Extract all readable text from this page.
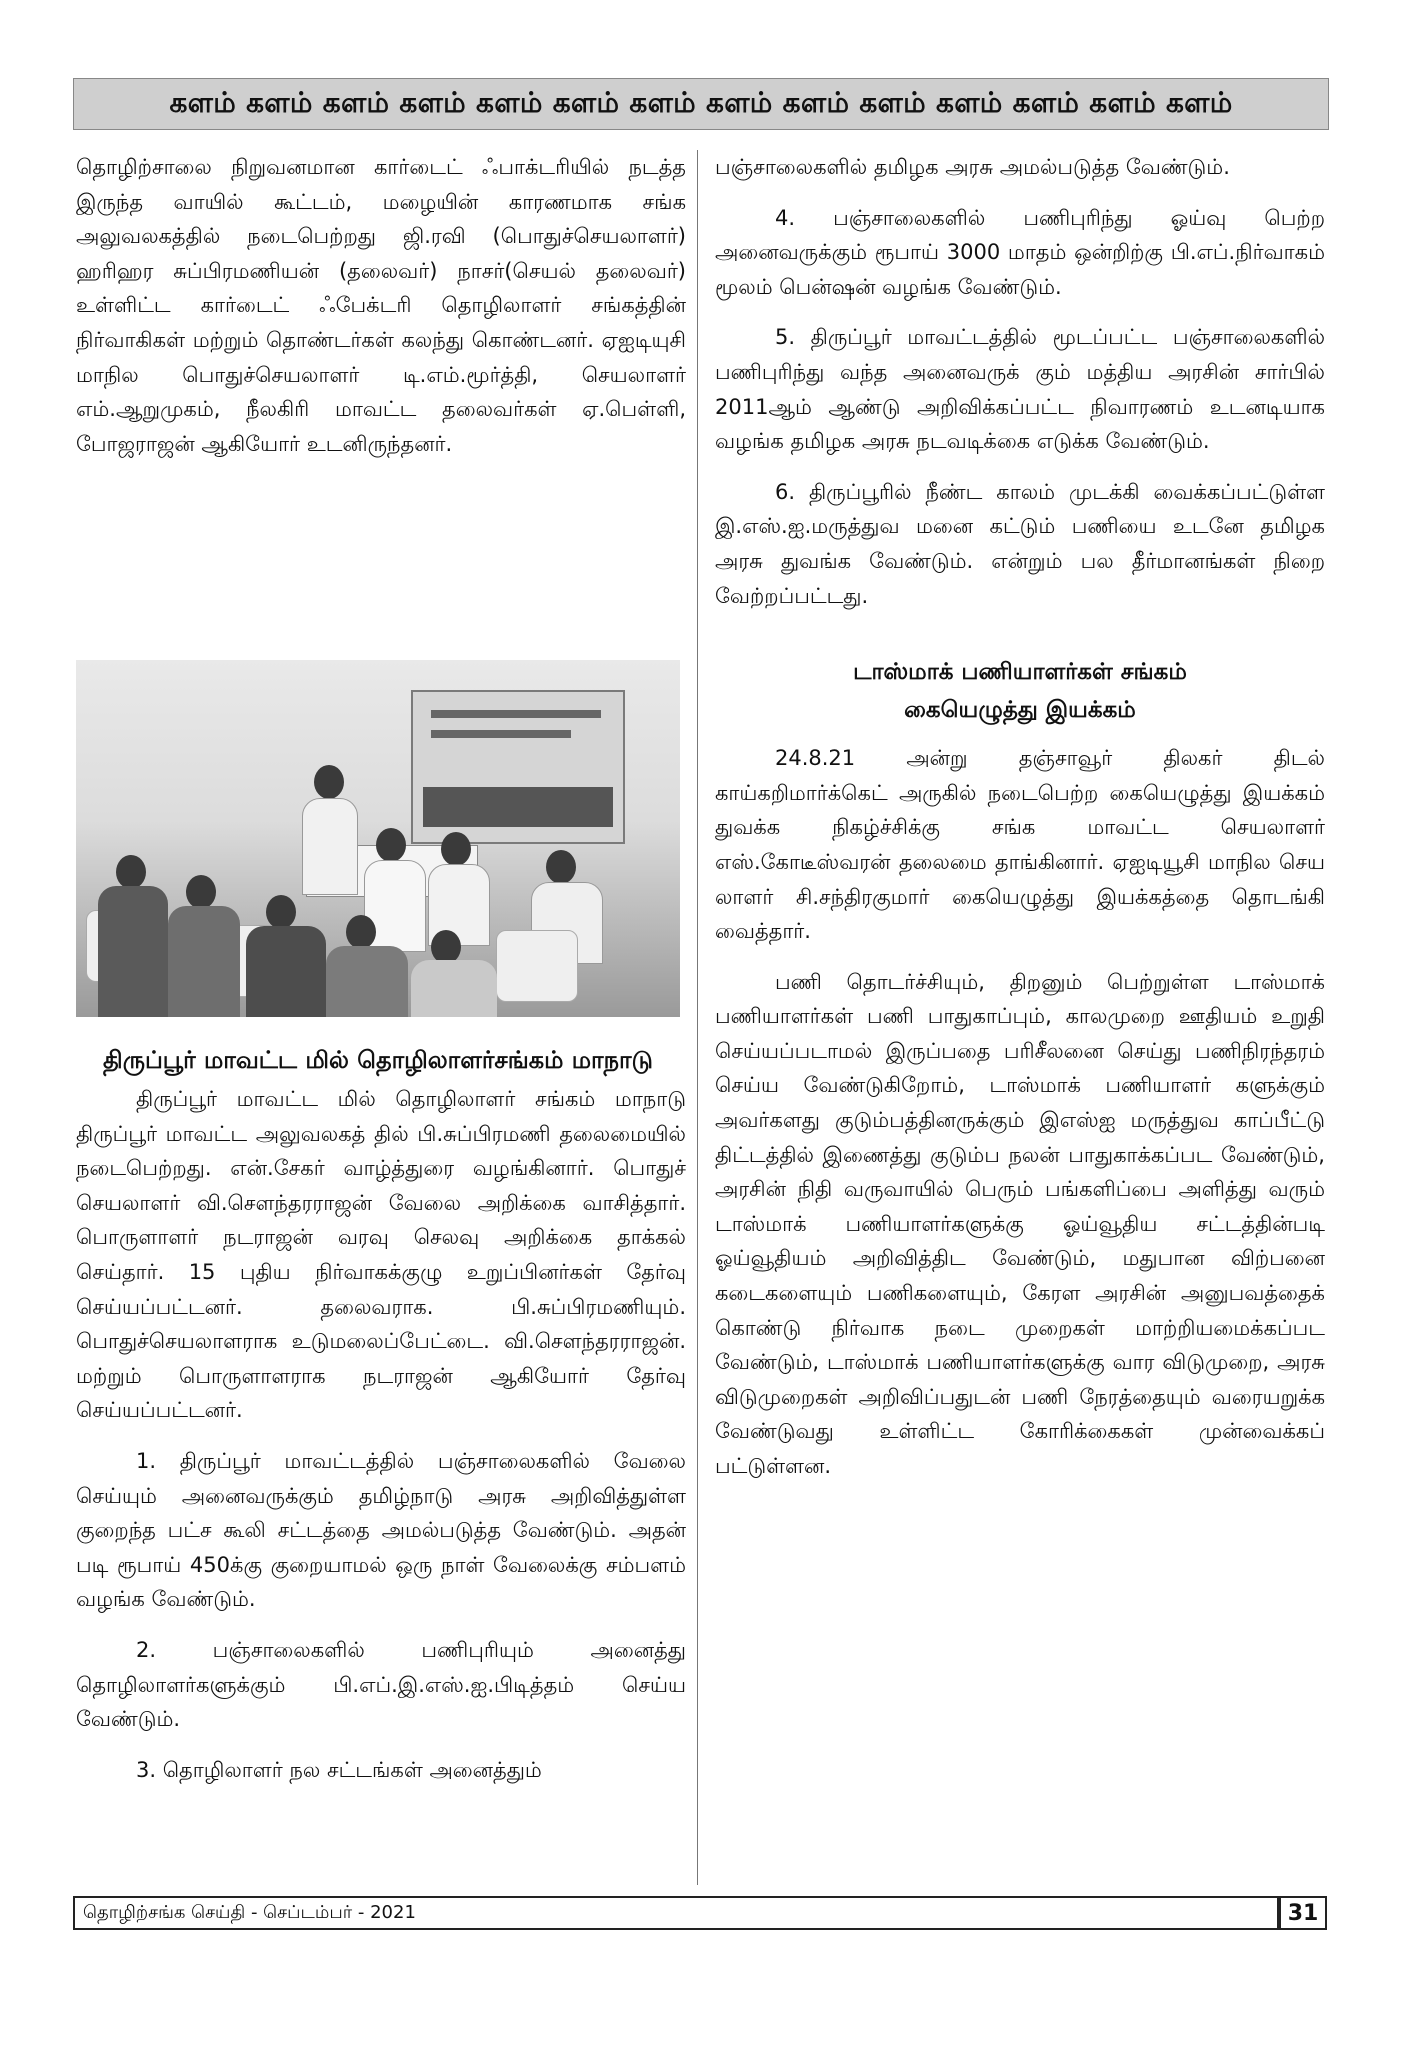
களம் களம் களம் களம் களம் களம் களம் களம் களம் களம் களம் களம் களம் களம்

தொழிற்சாலை நிறுவனமான கார்டைட் ஃபாக்டரியில் நடத்த இருந்த வாயில் கூட்டம், மழையின் காரணமாக சங்க அலுவலகத்தில் நடைபெற்றது ஜி.ரவி (பொதுச்செயலாளர்) ஹரிஹர சுப்பிரமணியன் (தலைவர்) நாசர்(செயல் தலைவர்) உள்ளிட்ட கார்டைட் ஃபேக்டரி தொழிலாளர் சங்கத்தின் நிர்வாகிகள் மற்றும் தொண்டர்கள் கலந்து கொண்டனர். ஏஐடியுசி மாநில பொதுச்செயலாளர் டி.எம்.மூர்த்தி, செயலாளர் எம்.ஆறுமுகம், நீலகிரி மாவட்ட தலைவர்கள் ஏ.பெள்ளி, போஜராஜன் ஆகியோர் உடனிருந்தனர்.

திருப்பூர் மாவட்ட மில் தொழிலாளர்சங்கம் மாநாடு

திருப்பூர் மாவட்ட மில் தொழிலாளர் சங்கம் மாநாடு திருப்பூர் மாவட்ட அலுவலகத் தில் பி.சுப்பிரமணி தலைமையில் நடைபெற்றது. என்.சேகர் வாழ்த்துரை வழங்கினார். பொதுச் செயலாளர் வி.செளந்தரராஜன் வேலை அறிக்கை வாசித்தார். பொருளாளர் நடராஜன் வரவு செலவு அறிக்கை தாக்கல் செய்தார். 15 புதிய நிர்வாகக்குழு உறுப்பினர்கள் தேர்வு செய்யப்பட்டனர். தலைவராக. பி.சுப்பிரமணியும். பொதுச்செயலாளராக உடுமலைப்பேட்டை. வி.செளந்தரராஜன். மற்றும் பொருளாளராக நடராஜன் ஆகியோர் தேர்வு செய்யப்பட்டனர்.

1. திருப்பூர் மாவட்டத்தில் பஞ்சாலைகளில் வேலை செய்யும் அனைவருக்கும் தமிழ்நாடு அரசு அறிவித்துள்ள குறைந்த பட்ச கூலி சட்டத்தை அமல்படுத்த வேண்டும். அதன் படி ரூபாய் 450க்கு குறையாமல் ஒரு நாள் வேலைக்கு சம்பளம் வழங்க வேண்டும்.

2. பஞ்சாலைகளில் பணிபுரியும் அனைத்து தொழிலாளர்களுக்கும் பி.எப்.இ.எஸ்.ஐ.பிடித்தம் செய்ய வேண்டும்.

3. தொழிலாளர் நல சட்டங்கள் அனைத்தும்

பஞ்சாலைகளில் தமிழக அரசு அமல்படுத்த வேண்டும்.

4. பஞ்சாலைகளில் பணிபுரிந்து ஓய்வு பெற்ற அனைவருக்கும் ரூபாய் 3000 மாதம் ஒன்றிற்கு பி.எப்.நிர்வாகம் மூலம் பென்ஷன் வழங்க வேண்டும்.

5. திருப்பூர் மாவட்டத்தில் மூடப்பட்ட பஞ்சாலைகளில் பணிபுரிந்து வந்த அனைவருக் கும் மத்திய அரசின் சார்பில் 2011ஆம் ஆண்டு அறிவிக்கப்பட்ட நிவாரணம் உடனடியாக வழங்க தமிழக அரசு நடவடிக்கை எடுக்க வேண்டும்.

6. திருப்பூரில் நீண்ட காலம் முடக்கி வைக்கப்பட்டுள்ள இ.எஸ்.ஐ.மருத்துவ மனை கட்டும் பணியை உடனே தமிழக அரசு துவங்க வேண்டும். என்றும் பல தீர்மானங்கள் நிறை வேற்றப்பட்டது.

டாஸ்மாக் பணியாளர்கள் சங்கம்
கையெழுத்து இயக்கம்

24.8.21 அன்று தஞ்சாவூர் திலகர் திடல் காய்கறிமார்க்கெட் அருகில் நடைபெற்ற கையெழுத்து இயக்கம் துவக்க நிகழ்ச்சிக்கு சங்க மாவட்ட செயலாளர் எஸ்.கோடீஸ்வரன் தலைமை தாங்கினார். ஏஐடியூசி மாநில செய லாளர் சி.சந்திரகுமார் கையெழுத்து இயக்கத்தை தொடங்கி வைத்தார்.

பணி தொடர்ச்சியும், திறனும் பெற்றுள்ள டாஸ்மாக் பணியாளர்கள் பணி பாதுகாப்பும், காலமுறை ஊதியம் உறுதி செய்யப்படாமல் இருப்பதை பரிசீலனை செய்து பணிநிரந்தரம் செய்ய வேண்டுகிறோம், டாஸ்மாக் பணியாளர் களுக்கும் அவர்களது குடும்பத்தினருக்கும் இஎஸ்ஐ மருத்துவ காப்பீட்டு திட்டத்தில் இணைத்து குடும்ப நலன் பாதுகாக்கப்பட வேண்டும், அரசின் நிதி வருவாயில் பெரும் பங்களிப்பை அளித்து வரும் டாஸ்மாக் பணியாளர்களுக்கு ஓய்வூதிய சட்டத்தின்படி ஓய்வூதியம் அறிவித்திட வேண்டும், மதுபான விற்பனை கடைகளையும் பணிகளையும், கேரள அரசின் அனுபவத்தைக் கொண்டு நிர்வாக நடை முறைகள் மாற்றியமைக்கப்பட வேண்டும், டாஸ்மாக் பணியாளர்களுக்கு வார விடுமுறை, அரசு விடுமுறைகள் அறிவிப்பதுடன் பணி நேரத்தையும் வரையறுக்க வேண்டுவது உள்ளிட்ட கோரிக்கைகள் முன்வைக்கப் பட்டுள்ளன.

தொழிற்சங்க செய்தி - செப்டம்பர் - 2021	31
